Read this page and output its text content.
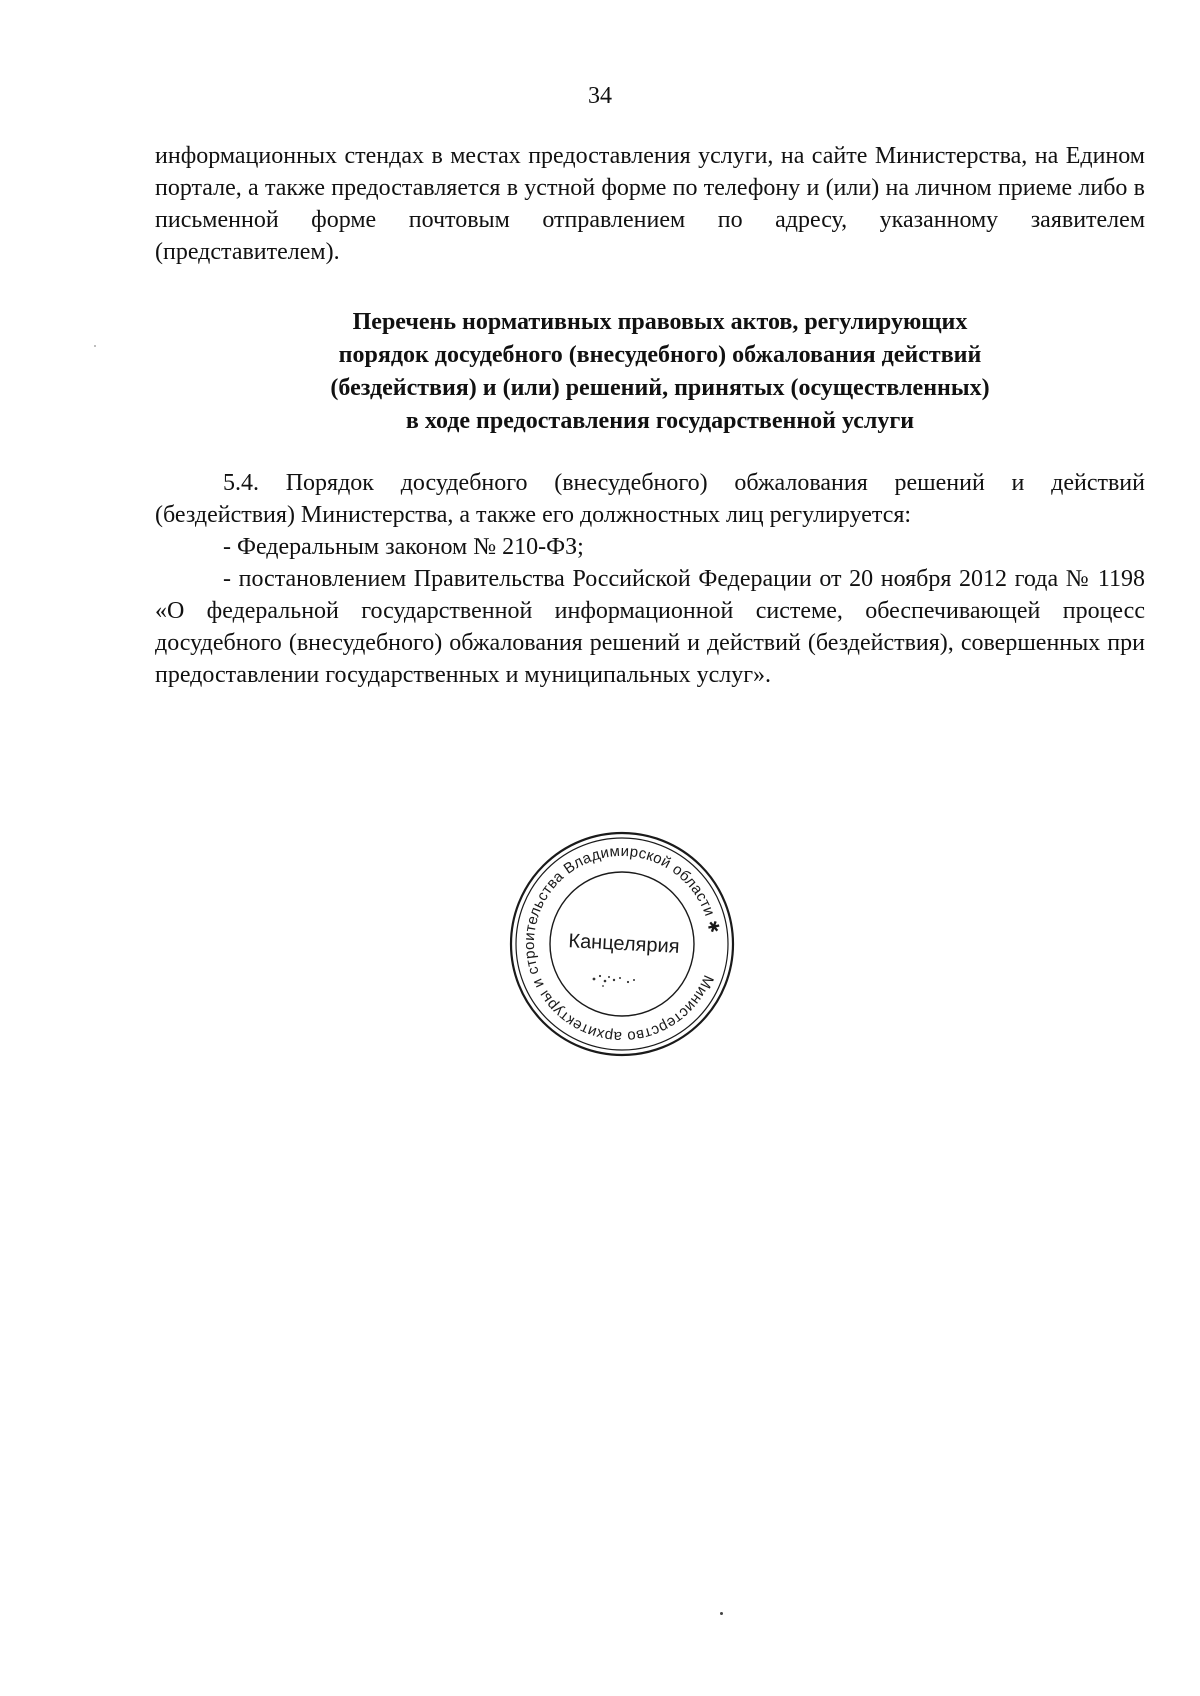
34

информационных стендах в местах предоставления услуги, на сайте Министерства, на Едином портале, а также предоставляется в устной форме по телефону и (или) на личном приеме либо в письменной форме почтовым отправлением по адресу, указанному заявителем (представителем).

Перечень нормативных правовых актов, регулирующих
порядок досудебного (внесудебного) обжалования действий
(бездействия) и (или) решений, принятых (осуществленных)
в ходе предоставления государственной услуги

5.4. Порядок досудебного (внесудебного) обжалования решений и действий (бездействия) Министерства, а также его должностных лиц регулируется:

- Федеральным законом № 210-ФЗ;

- постановлением Правительства Российской Федерации от 20 ноября 2012 года № 1198 «О федеральной государственной информационной системе, обеспечивающей процесс досудебного (внесудебного) обжалования решений и действий (бездействия), совершенных при предоставлении государственных и муниципальных услуг».

Министерство архитектуры и строительства Владимирской области ✱
Канцелярия
